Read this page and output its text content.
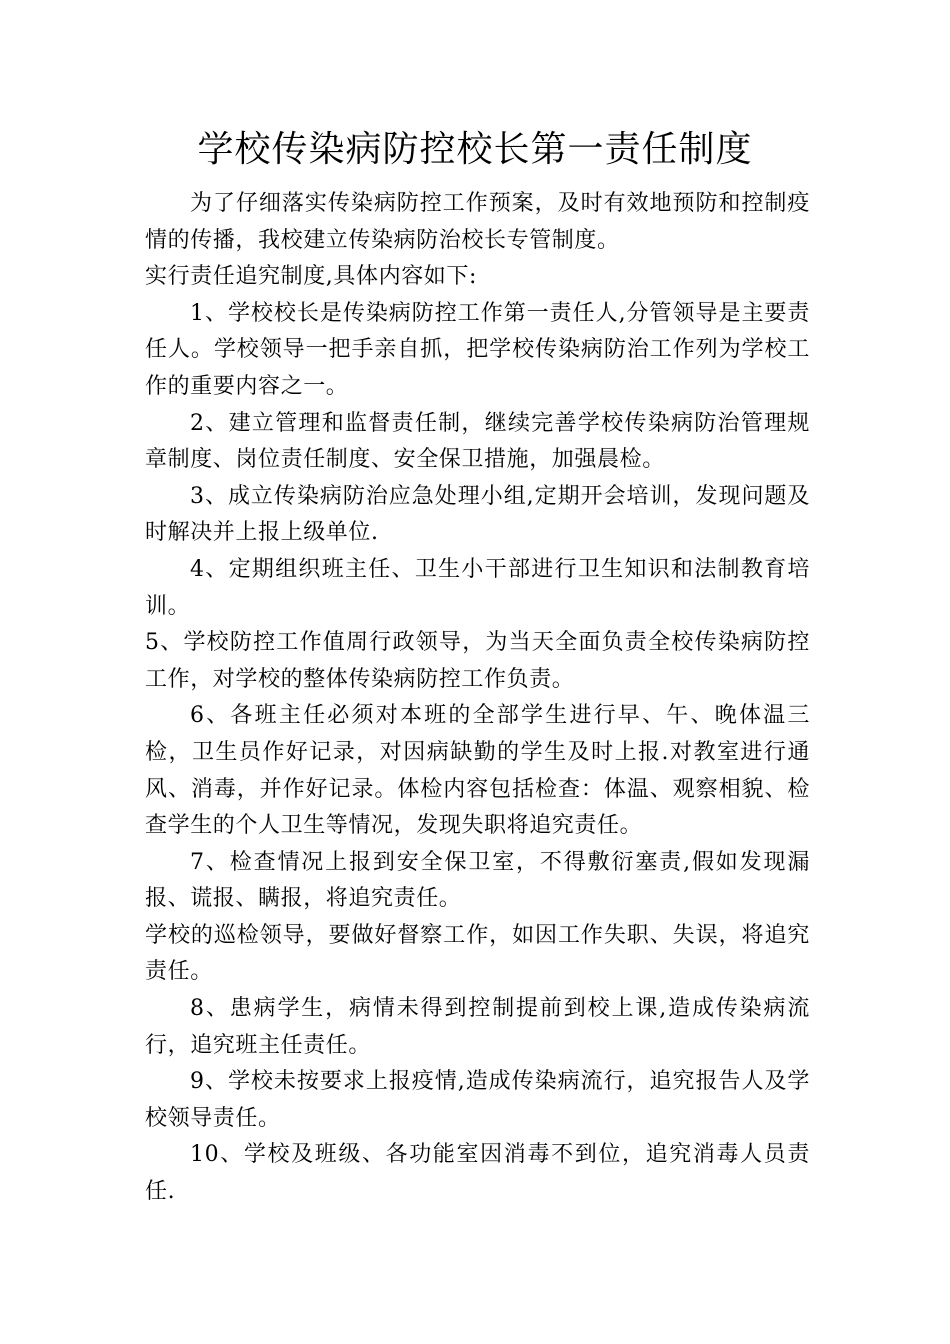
学校传染病防控校长第一责任制度

为了仔细落实传染病防控工作预案，及时有效地预防和控制疫情的传播，我校建立传染病防治校长专管制度。

实行责任追究制度,具体内容如下:

1、学校校长是传染病防控工作第一责任人,分管领导是主要责任人。学校领导一把手亲自抓，把学校传染病防治工作列为学校工作的重要内容之一。

2、建立管理和监督责任制，继续完善学校传染病防治管理规章制度、岗位责任制度、安全保卫措施，加强晨检。

3、成立传染病防治应急处理小组,定期开会培训，发现问题及时解决并上报上级单位.

4、定期组织班主任、卫生小干部进行卫生知识和法制教育培训。

5、学校防控工作值周行政领导，为当天全面负责全校传染病防控工作，对学校的整体传染病防控工作负责。

6、各班主任必须对本班的全部学生进行早、午、晚体温三检，卫生员作好记录，对因病缺勤的学生及时上报.对教室进行通风、消毒，并作好记录。体检内容包括检查：体温、观察相貌、检查学生的个人卫生等情况，发现失职将追究责任。

7、检查情况上报到安全保卫室，不得敷衍塞责,假如发现漏报、谎报、瞒报，将追究责任。

学校的巡检领导，要做好督察工作，如因工作失职、失误，将追究责任。

8、患病学生，病情未得到控制提前到校上课,造成传染病流行，追究班主任责任。

9、学校未按要求上报疫情,造成传染病流行，追究报告人及学校领导责任。

10、学校及班级、各功能室因消毒不到位，追究消毒人员责任.
